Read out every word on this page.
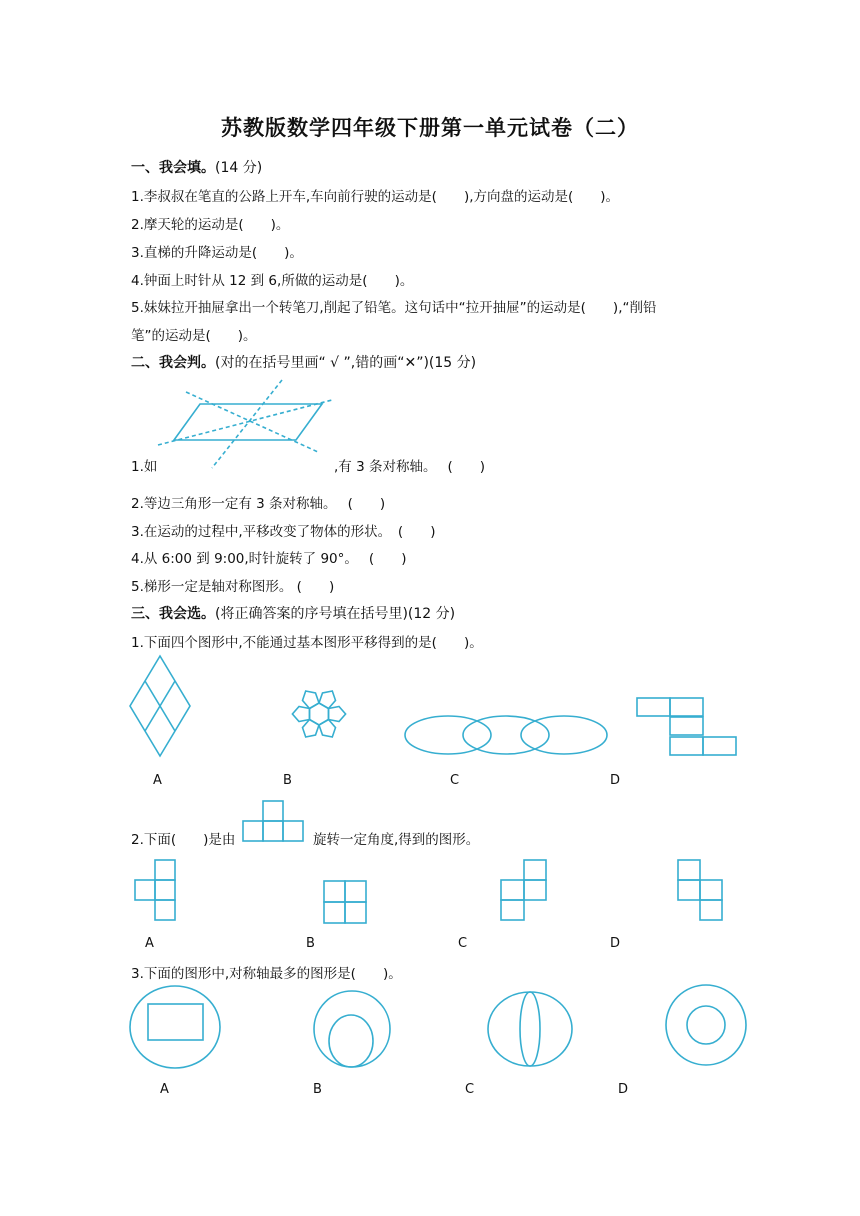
苏教版数学四年级下册第一单元试卷（二）
一、我会填。(14 分)
1.李叔叔在笔直的公路上开车,车向前行驶的运动是(　　),方向盘的运动是(　　)。
2.摩天轮的运动是(　　)。
3.直梯的升降运动是(　　)。
4.钟面上时针从 12 到 6,所做的运动是(　　)。
5.妹妹拉开抽屉拿出一个转笔刀,削起了铅笔。这句话中“拉开抽屉”的运动是(　　),“削铅
笔”的运动是(　　)。
二、我会判。(对的在括号里画“ √ ”,错的画“✕”)(15 分)
1.如	,有 3 条对称轴。　 (　　)
2.等边三角形一定有 3 条对称轴。　 (　　)
3.在运动的过程中,平移改变了物体的形状。　(　　)
4.从 6:00 到 9:00,时针旋转了 90°。　 (　　)
5.梯形一定是轴对称图形。 (　　)
三、我会选。(将正确答案的序号填在括号里)(12 分)
1.下面四个图形中,不能通过基本图形平移得到的是(　　)。
A	B	C	D
2.下面(　　)是由	旋转一定角度,得到的图形。
A	B	C	D
3.下面的图形中,对称轴最多的图形是(　　)。
A	B	C	D
